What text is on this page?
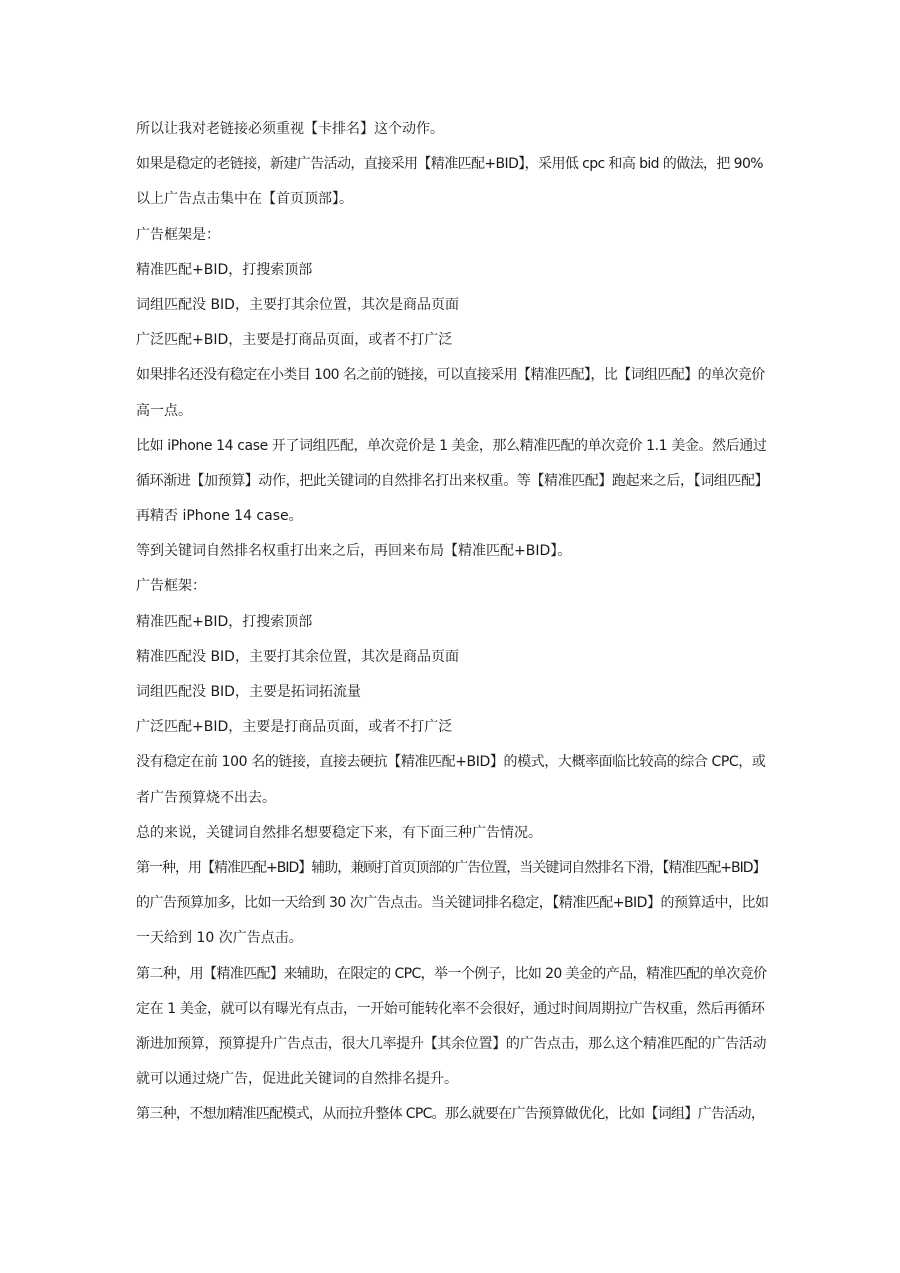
所以让我对老链接必须重视【卡排名】这个动作。
如果是稳定的老链接，新建广告活动，直接采用【精准匹配+BID】，采用低 cpc 和高 bid 的做法，把 90%
以上广告点击集中在【首页顶部】。
广告框架是：
精准匹配+BID，打搜索顶部
词组匹配没 BID，主要打其余位置，其次是商品页面
广泛匹配+BID，主要是打商品页面，或者不打广泛
如果排名还没有稳定在小类目 100 名之前的链接，可以直接采用【精准匹配】，比【词组匹配】的单次竞价
高一点。
比如 iPhone 14 case 开了词组匹配，单次竞价是 1 美金，那么精准匹配的单次竞价 1.1 美金。然后通过
循环渐进【加预算】动作，把此关键词的自然排名打出来权重。等【精准匹配】跑起来之后，【词组匹配】
再精否 iPhone 14 case。
等到关键词自然排名权重打出来之后，再回来布局【精准匹配+BID】。
广告框架：
精准匹配+BID，打搜索顶部
精准匹配没 BID，主要打其余位置，其次是商品页面
词组匹配没 BID，主要是拓词拓流量
广泛匹配+BID，主要是打商品页面，或者不打广泛
没有稳定在前 100 名的链接，直接去硬抗【精准匹配+BID】的模式，大概率面临比较高的综合 CPC，或
者广告预算烧不出去。
总的来说，关键词自然排名想要稳定下来，有下面三种广告情况。
第一种，用【精准匹配+BID】辅助，兼顾打首页顶部的广告位置，当关键词自然排名下滑，【精准匹配+BID】
的广告预算加多，比如一天给到 30 次广告点击。当关键词排名稳定，【精准匹配+BID】的预算适中，比如
一天给到 10 次广告点击。
第二种，用【精准匹配】来辅助，在限定的 CPC，举一个例子，比如 20 美金的产品，精准匹配的单次竞价
定在 1 美金，就可以有曝光有点击，一开始可能转化率不会很好，通过时间周期拉广告权重，然后再循环
渐进加预算，预算提升广告点击，很大几率提升【其余位置】的广告点击，那么这个精准匹配的广告活动
就可以通过烧广告，促进此关键词的自然排名提升。
第三种，不想加精准匹配模式，从而拉升整体 CPC。那么就要在广告预算做优化，比如【词组】广告活动，
